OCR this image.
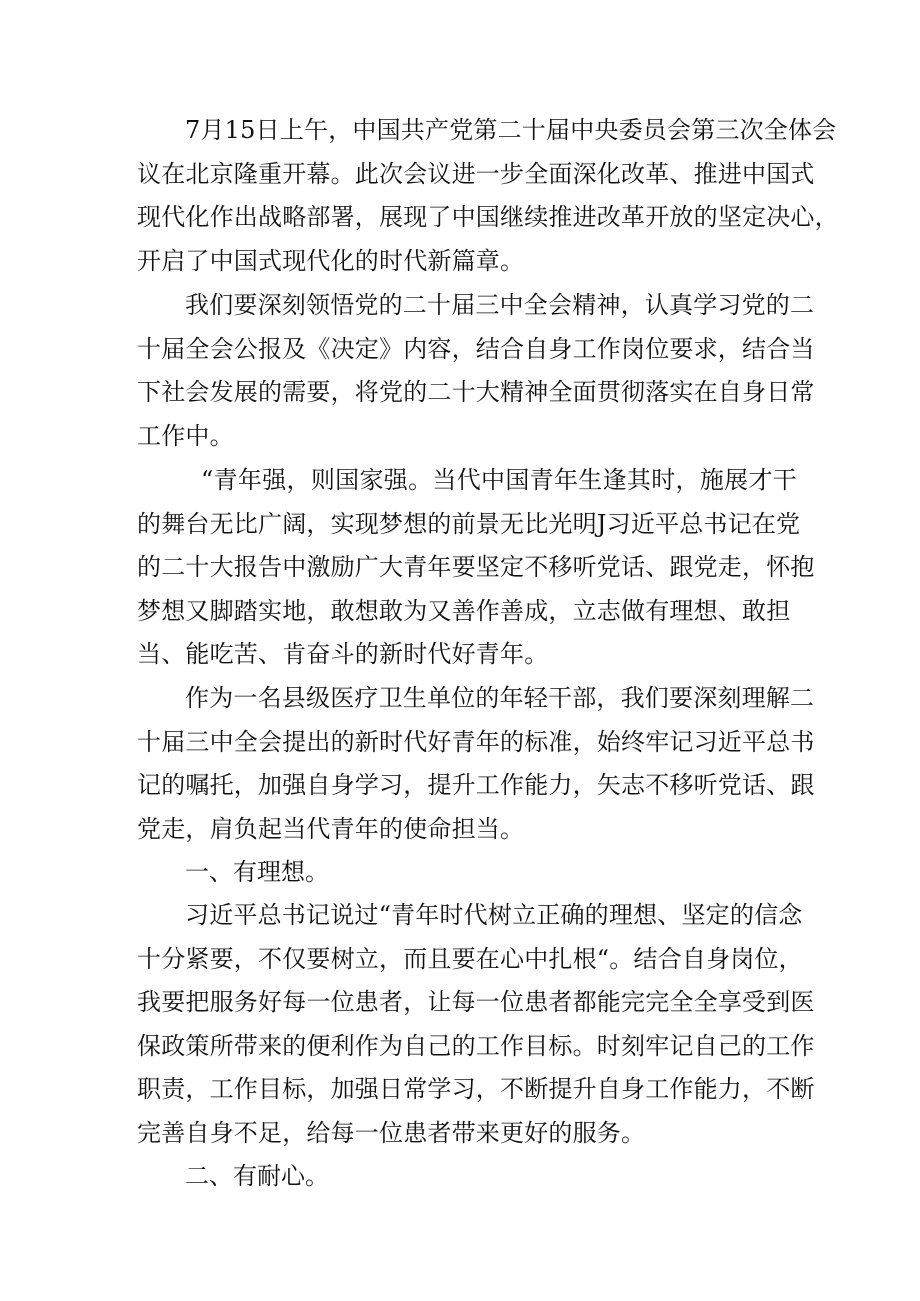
7月15日上午，中国共产党第二十届中央委员会第三次全体会
议在北京隆重开幕。此次会议进一步全面深化改革、推进中国式
现代化作出战略部署，展现了中国继续推进改革开放的坚定决心，
开启了中国式现代化的时代新篇章。

我们要深刻领悟党的二十届三中全会精神，认真学习党的二
十届全会公报及《决定》内容，结合自身工作岗位要求，结合当
下社会发展的需要，将党的二十大精神全面贯彻落实在自身日常
工作中。

“青年强，则国家强。当代中国青年生逢其时，施展才干
的舞台无比广阔，实现梦想的前景无比光明J习近平总书记在党
的二十大报告中激励广大青年要坚定不移听党话、跟党走，怀抱
梦想又脚踏实地，敢想敢为又善作善成，立志做有理想、敢担
当、能吃苦、肯奋斗的新时代好青年。

作为一名县级医疗卫生单位的年轻干部，我们要深刻理解二
十届三中全会提出的新时代好青年的标准，始终牢记习近平总书
记的嘱托，加强自身学习，提升工作能力，矢志不移听党话、跟
党走，肩负起当代青年的使命担当。

一、有理想。

习近平总书记说过“青年时代树立正确的理想、坚定的信念
十分紧要，不仅要树立，而且要在心中扎根“。结合自身岗位，
我要把服务好每一位患者，让每一位患者都能完完全全享受到医
保政策所带来的便利作为自己的工作目标。时刻牢记自己的工作
职责，工作目标，加强日常学习，不断提升自身工作能力，不断
完善自身不足，给每一位患者带来更好的服务。

二、有耐心。
